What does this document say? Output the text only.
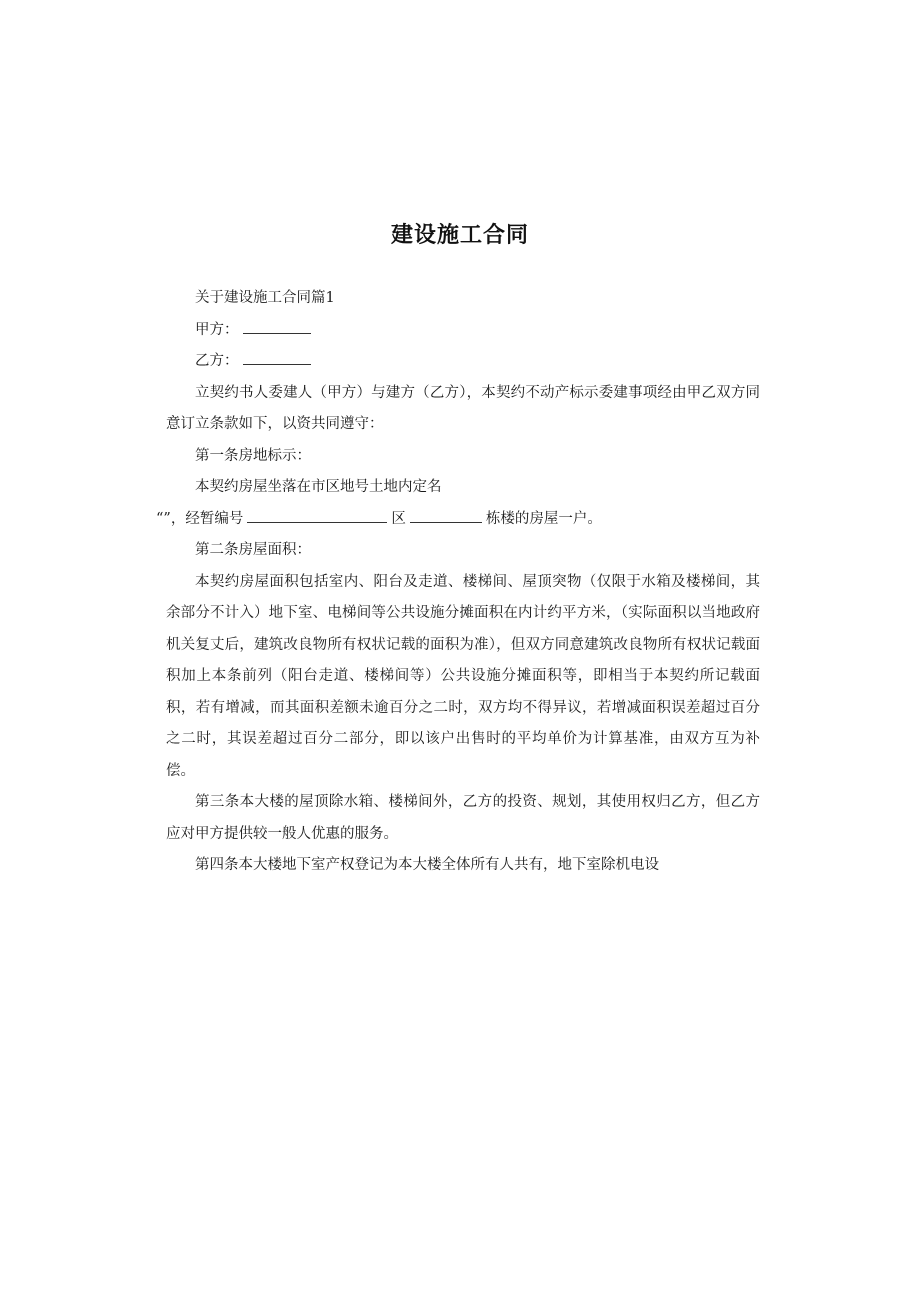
建设施工合同

关于建设施工合同篇1

甲方：

乙方：

立契约书人委建人（甲方）与建方（乙方），本契约不动产标示委建事项经由甲乙双方同意订立条款如下，以资共同遵守：

第一条房地标示：

本契约房屋坐落在市区地号土地内定名

“”，经暂编号	区	栋楼的房屋一户。

第二条房屋面积：

本契约房屋面积包括室内、阳台及走道、楼梯间、屋顶突物（仅限于水箱及楼梯间，其余部分不计入）地下室、电梯间等公共设施分摊面积在内计约平方米，（实际面积以当地政府机关复丈后，建筑改良物所有权状记载的面积为准），但双方同意建筑改良物所有权状记载面积加上本条前列（阳台走道、楼梯间等）公共设施分摊面积等，即相当于本契约所记载面积，若有增减，而其面积差额未逾百分之二时，双方均不得异议，若增减面积误差超过百分之二时，其误差超过百分二部分，即以该户出售时的平均单价为计算基准，由双方互为补偿。

第三条本大楼的屋顶除水箱、楼梯间外，乙方的投资、规划，其使用权归乙方，但乙方应对甲方提供较一般人优惠的服务。

第四条本大楼地下室产权登记为本大楼全体所有人共有，地下室除机电设
